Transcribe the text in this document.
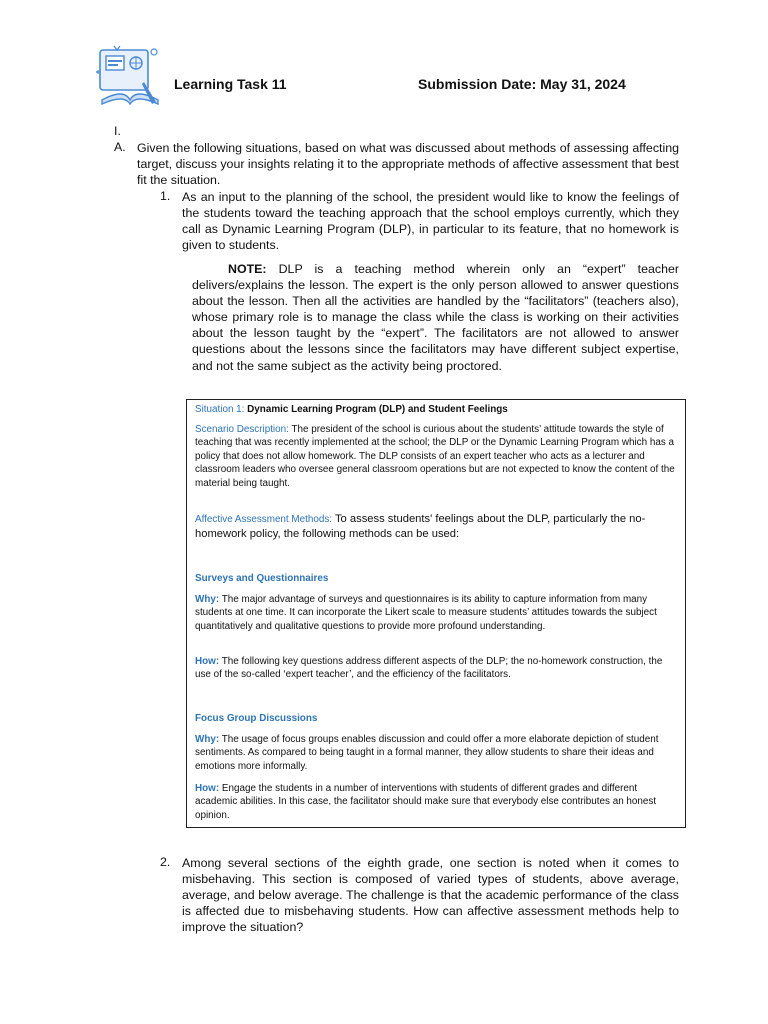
Learning Task 11	Submission Date: May 31, 2024
I.
A. Given the following situations, based on what was discussed about methods of assessing affecting target, discuss your insights relating it to the appropriate methods of affective assessment that best fit the situation.

1. As an input to the planning of the school, the president would like to know the feelings of the students toward the teaching approach that the school employs currently, which they call as Dynamic Learning Program (DLP), in particular to its feature, that no homework is given to students.

NOTE: DLP is a teaching method wherein only an “expert” teacher delivers/explains the lesson. The expert is the only person allowed to answer questions about the lesson. Then all the activities are handled by the “facilitators” (teachers also), whose primary role is to manage the class while the class is working on their activities about the lesson taught by the “expert”. The facilitators are not allowed to answer questions about the lessons since the facilitators may have different subject expertise, and not the same subject as the activity being proctored.

Situation 1: Dynamic Learning Program (DLP) and Student Feelings

Scenario Description: The president of the school is curious about the students’ attitude towards the style of teaching that was recently implemented at the school; the DLP or the Dynamic Learning Program which has a policy that does not allow homework. The DLP consists of an expert teacher who acts as a lecturer and classroom leaders who oversee general classroom operations but are not expected to know the content of the material being taught.

Affective Assessment Methods: To assess students' feelings about the DLP, particularly the no-homework policy, the following methods can be used:

Surveys and Questionnaires

Why: The major advantage of surveys and questionnaires is its ability to capture information from many students at one time. It can incorporate the Likert scale to measure students’ attitudes towards the subject quantitatively and qualitative questions to provide more profound understanding.

How: The following key questions address different aspects of the DLP; the no-homework construction, the use of the so-called ‘expert teacher’, and the efficiency of the facilitators.

Focus Group Discussions

Why: The usage of focus groups enables discussion and could offer a more elaborate depiction of student sentiments. As compared to being taught in a formal manner, they allow students to share their ideas and emotions more informally.

How: Engage the students in a number of interventions with students of different grades and different academic abilities. In this case, the facilitator should make sure that everybody else contributes an honest opinion.

2. Among several sections of the eighth grade, one section is noted when it comes to misbehaving. This section is composed of varied types of students, above average, average, and below average. The challenge is that the academic performance of the class is affected due to misbehaving students. How can affective assessment methods help to improve the situation?
